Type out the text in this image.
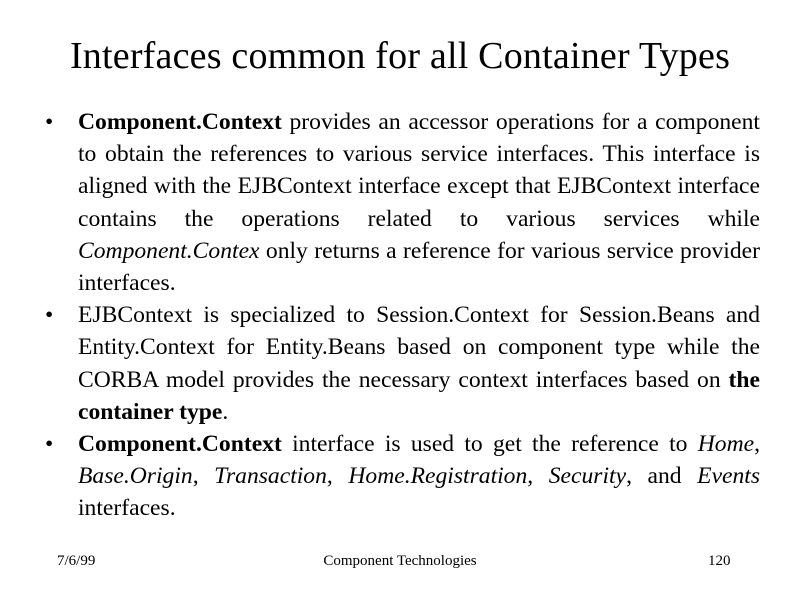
Interfaces common for all Container Types
•	Component.Context provides an accessor operations for a component to obtain the references to various service interfaces. This interface is aligned with the EJBContext interface except that EJBContext interface contains the operations related to various services while Component.Contex only returns a reference for various service provider interfaces.
•	EJBContext is specialized to Session.Context for Session.Beans and Entity.Context for Entity.Beans based on component type while the CORBA model provides the necessary context interfaces based on the container type.
•	Component.Context interface is used to get the reference to Home, Base.Origin, Transaction, Home.Registration, Security, and Events interfaces.
7/6/99	Component Technologies	120
